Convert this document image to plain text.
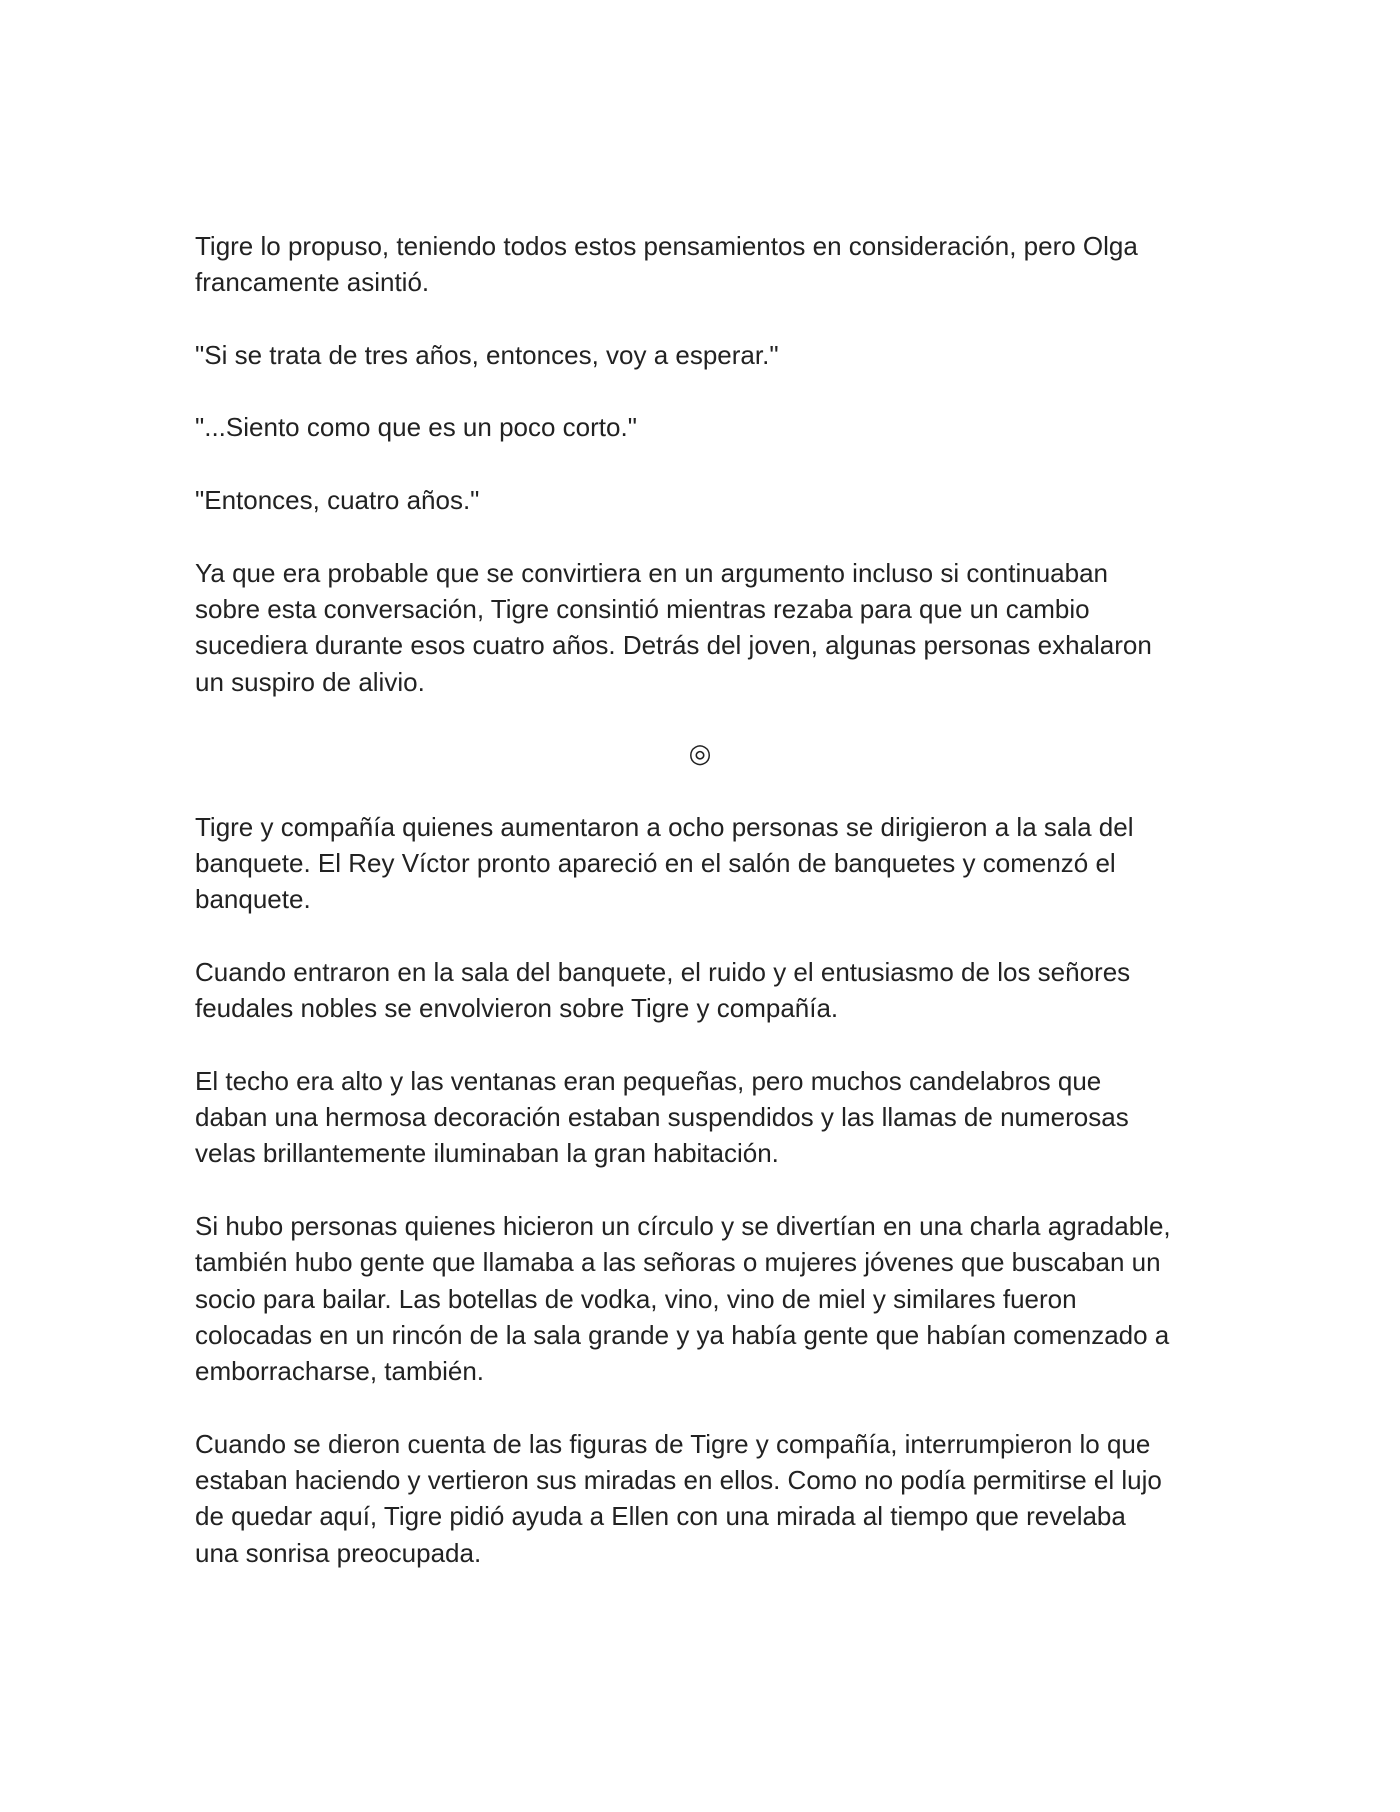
Tigre lo propuso, teniendo todos estos pensamientos en consideración, pero Olga
francamente asintió.

"Si se trata de tres años, entonces, voy a esperar."

"...Siento como que es un poco corto."

"Entonces, cuatro años."

Ya que era probable que se convirtiera en un argumento incluso si continuaban
sobre esta conversación, Tigre consintió mientras rezaba para que un cambio
sucediera durante esos cuatro años. Detrás del joven, algunas personas exhalaron
un suspiro de alivio.

◎

Tigre y compañía quienes aumentaron a ocho personas se dirigieron a la sala del
banquete. El Rey Víctor pronto apareció en el salón de banquetes y comenzó el
banquete.

Cuando entraron en la sala del banquete, el ruido y el entusiasmo de los señores
feudales nobles se envolvieron sobre Tigre y compañía.

El techo era alto y las ventanas eran pequeñas, pero muchos candelabros que
daban una hermosa decoración estaban suspendidos y las llamas de numerosas
velas brillantemente iluminaban la gran habitación.

Si hubo personas quienes hicieron un círculo y se divertían en una charla agradable,
también hubo gente que llamaba a las señoras o mujeres jóvenes que buscaban un
socio para bailar. Las botellas de vodka, vino, vino de miel y similares fueron
colocadas en un rincón de la sala grande y ya había gente que habían comenzado a
emborracharse, también.

Cuando se dieron cuenta de las figuras de Tigre y compañía, interrumpieron lo que
estaban haciendo y vertieron sus miradas en ellos. Como no podía permitirse el lujo
de quedar aquí, Tigre pidió ayuda a Ellen con una mirada al tiempo que revelaba
una sonrisa preocupada.
